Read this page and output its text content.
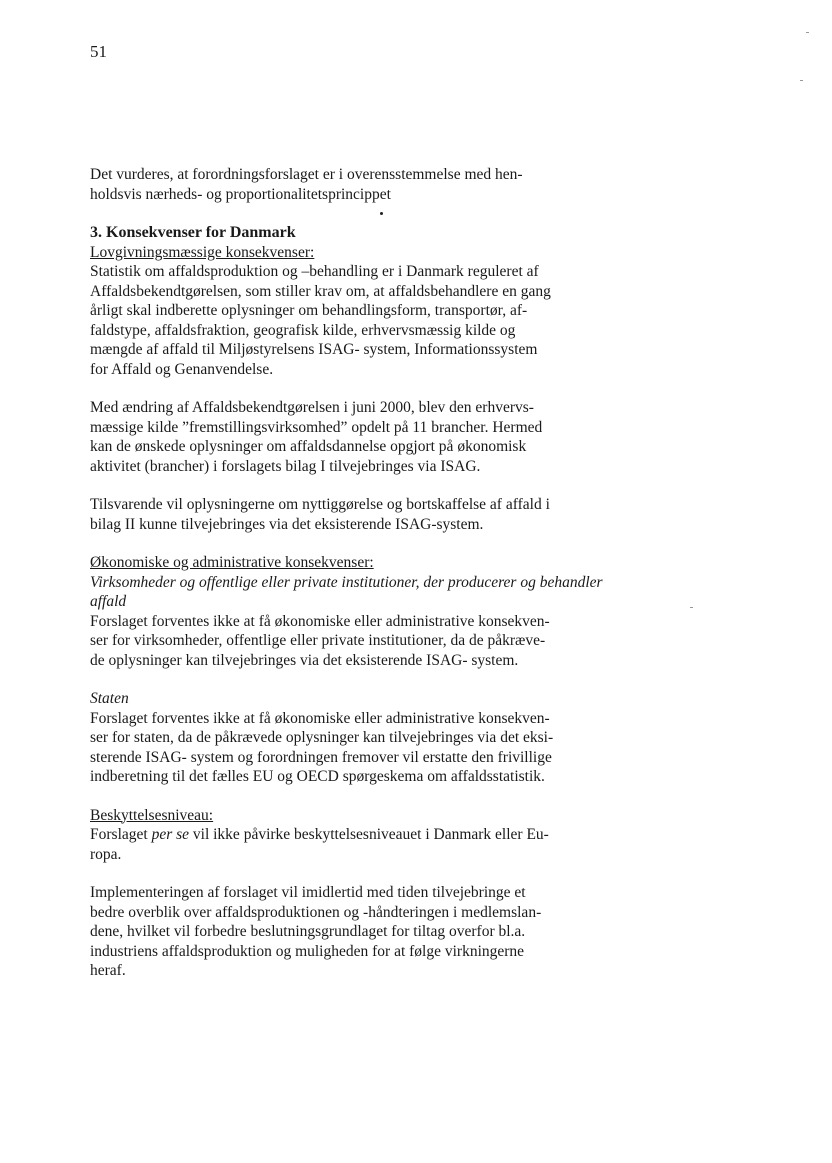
51

Det vurderes, at forordningsforslaget er i overensstemmelse med hen-

holdsvis nærheds- og proportionalitetsprincippet

3. Konsekvenser for Danmark

Lovgivningsmæssige konsekvenser:

Statistik om affaldsproduktion og –behandling er i Danmark reguleret af

Affaldsbekendtgørelsen, som stiller krav om, at affaldsbehandlere en gang

årligt skal indberette oplysninger om behandlingsform, transportør, af-

faldstype, affaldsfraktion, geografisk kilde, erhvervsmæssig kilde og

mængde af affald til Miljøstyrelsens ISAG- system, Informationssystem

for Affald og Genanvendelse.

Med ændring af Affaldsbekendtgørelsen i juni 2000, blev den erhvervs-

mæssige kilde ”fremstillingsvirksomhed” opdelt på 11 brancher. Hermed

kan de ønskede oplysninger om affaldsdannelse opgjort på økonomisk

aktivitet (brancher) i forslagets bilag I tilvejebringes via ISAG.

Tilsvarende vil oplysningerne om nyttiggørelse og bortskaffelse af affald i

bilag II kunne tilvejebringes via det eksisterende ISAG-system.

Økonomiske og administrative konsekvenser:

Virksomheder og offentlige eller private institutioner, der producerer og behandler

affald

Forslaget forventes ikke at få økonomiske eller administrative konsekven-

ser for virksomheder, offentlige eller private institutioner, da de påkræve-

de oplysninger kan tilvejebringes via det eksisterende ISAG- system.

Staten

Forslaget forventes ikke at få økonomiske eller administrative konsekven-

ser for staten, da de påkrævede oplysninger kan tilvejebringes via det eksi-

sterende ISAG- system og forordningen fremover vil erstatte den frivillige

indberetning til det fælles EU og OECD spørgeskema om affaldsstatistik.

Beskyttelsesniveau:

Forslaget per se vil ikke påvirke beskyttelsesniveauet i Danmark eller Eu-

ropa.

Implementeringen af forslaget vil imidlertid med tiden tilvejebringe et

bedre overblik over affaldsproduktionen og -håndteringen i medlemslan-

dene, hvilket vil forbedre beslutningsgrundlaget for tiltag overfor bl.a.

industriens affaldsproduktion og muligheden for at følge virkningerne

heraf.
